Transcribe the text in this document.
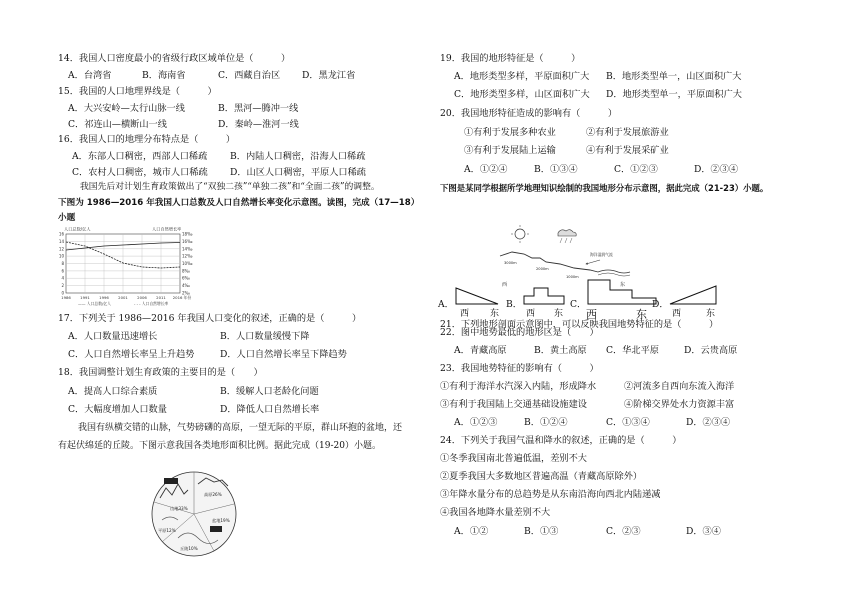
14．我国人口密度最小的省级行政区域单位是（　　　）
A．台湾省	B．海南省	C．西藏自治区 D．黑龙江省
15．我国的人口地理界线是（　　　）
A．大兴安岭—太行山脉一线	B．黑河—腾冲一线
C．祁连山—横断山一线	D．秦岭—淮河一线
16．我国人口的地理分布特点是（　　　）
A．东部人口稠密，西部人口稀疏 B．内陆人口稠密，沿海人口稀疏
C．农村人口稠密，城市人口稀疏 D．山区人口稠密，平原人口稀疏
我国先后对计划生育政策做出了“双独二孩”“单独二孩”和“全面二孩”的调整。
下图为 1986—2016 年我国人口总数及人口自然增长率变化示意图。读图，完成（17—18）
小题
人口总数/亿人	人口自然增长率
16
14
12
10
8
6
4
2
0
18‰
16‰
14‰
12‰
10‰
8‰
6‰
4‰
2‰
1986 1991 1996 2001 2006 2011 2016 年份
—— 人口总数/亿人	- - - 人口自然增长率
17．下列关于 1986—2016 年我国人口变化的叙述，正确的是（　　　）
A．人口数量迅速增长	B．人口数量缓慢下降
C．人口自然增长率呈上升趋势	D．人口自然增长率呈下降趋势
18．我国调整计划生育政策的主要目的是（　　）
A．提高人口综合素质	B．缓解人口老龄化问题
C．大幅度增加人口数量	D．降低人口自然增长率
我国有纵横交错的山脉，气势磅礴的高原，一望无际的平原，群山环抱的盆地，还
有起伏绵延的丘陵。下图示意我国各类地形面积比例。据此完成（19-20）小题。
山地33%
高原26%
盆地19%
丘陵10%
平原12%
19．我国的地形特征是（　　　）
A．地形类型多样，平原面积广大 B．地形类型单一，山区面积广大
C．地形类型多样，山区面积广大 D．地形类型单一，平原面积广大
20．我国地形特征造成的影响有（　　　）
①有利于发展多种农业	②有利于发展旅游业
③有利于发展陆上运输	④有利于发展采矿业
A．①②④	B．①③④	C．①②③	D．②③④
下图是某同学根据所学地理知识绘制的我国地形分布示意图，据此完成（21-23）小题。
海洋湿润气流
西	东
2000m
1000m
3000m
21．下列地形剖面示意图中，可以反映我国地势特征的是（　　　）
A．
西 东
B．
西 东
C．
西	东
D．
西	东
22．图中地势最低的地形区是（　　）
A．青藏高原	B．黄土高原 C．华北平原	D．云贵高原
23．我国地势特征的影响有（　　　）
①有利于海洋水汽深入内陆，形成降水	②河流多自西向东流入海洋
③有利于我国陆上交通基础设施建设	④阶梯交界处水力资源丰富
A．①②③	B．①②④	C．①③④	D．②③④
24．下列关于我国气温和降水的叙述，正确的是（　　　）
①冬季我国南北普遍低温，差别不大
②夏季我国大多数地区普遍高温（青藏高原除外）
③年降水量分布的总趋势是从东南沿海向西北内陆递减
④我国各地降水量差别不大
A．①②	B．①③	C．②③	D．③④
